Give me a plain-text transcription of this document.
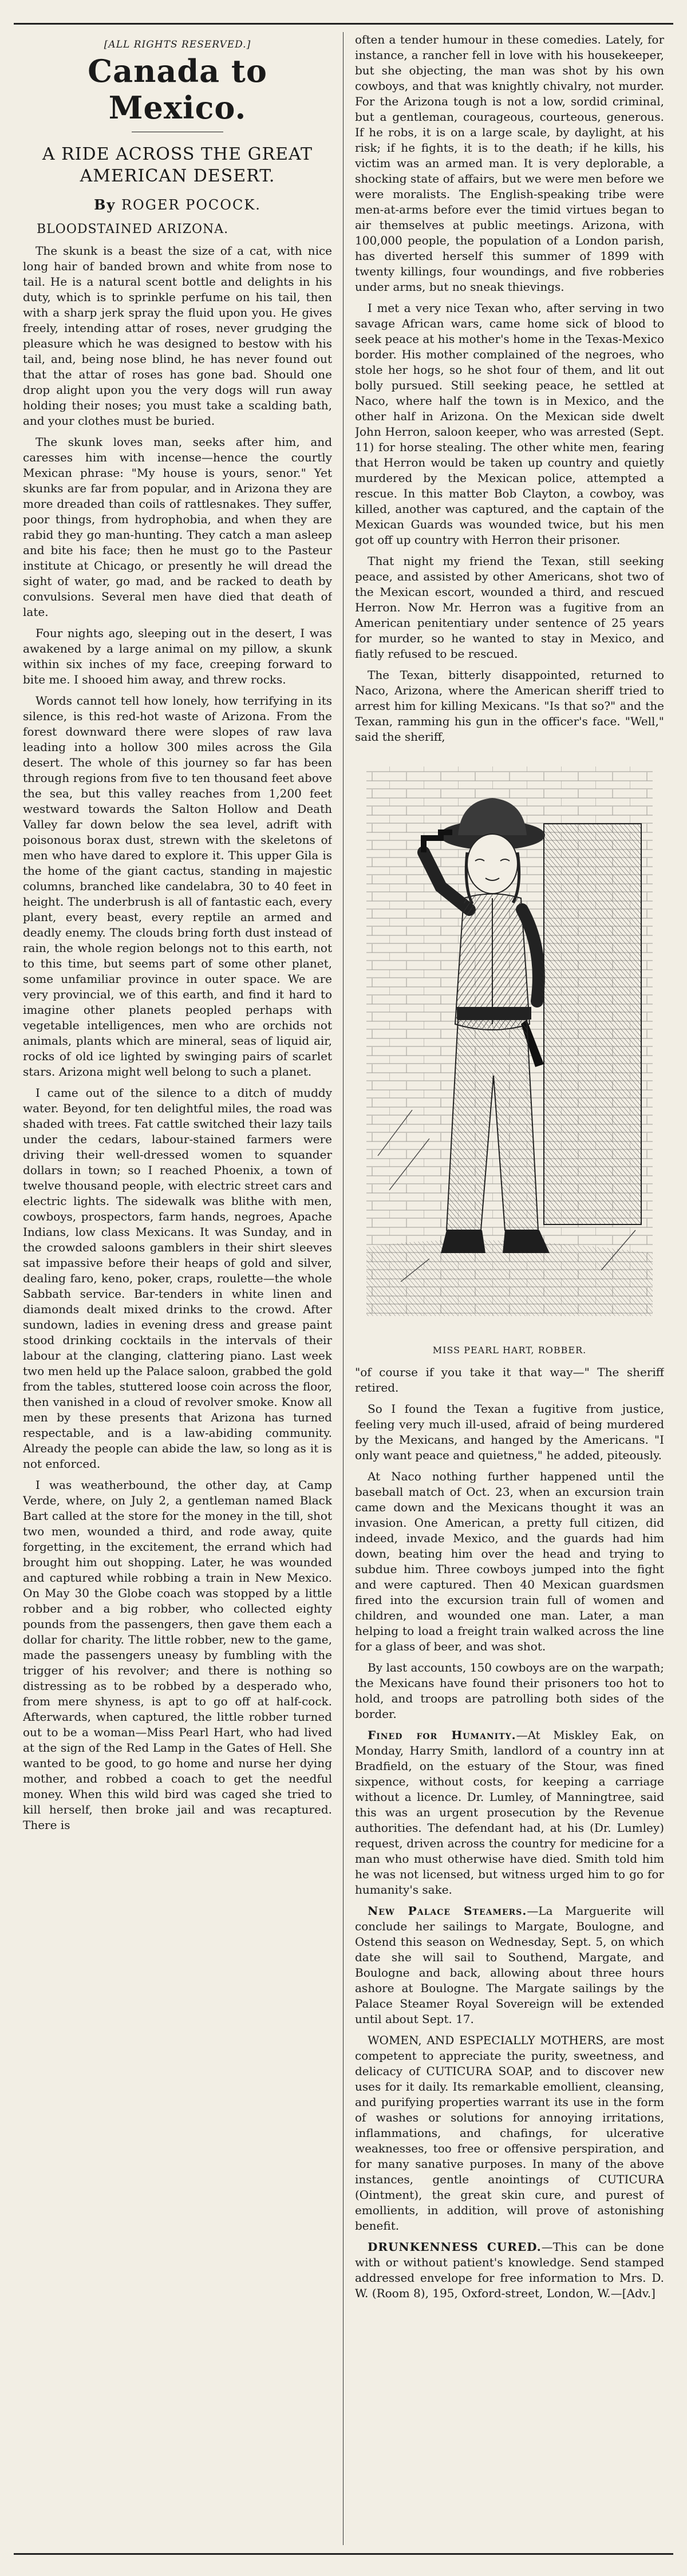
[ALL RIGHTS RESERVED.]
Canada to Mexico.
A RIDE ACROSS THE GREAT AMERICAN DESERT.
By ROGER POCOCK.
BLOODSTAINED ARIZONA.

The skunk is a beast the size of a cat, with nice long hair of banded brown and white from nose to tail. He is a natural scent bottle and delights in his duty, which is to sprinkle perfume on his tail, then with a sharp jerk spray the fluid upon you. He gives freely, intending attar of roses, never grudging the pleasure which he was designed to bestow with his tail, and, being nose blind, he has never found out that the attar of roses has gone bad. Should one drop alight upon you the very dogs will run away holding their noses; you must take a scalding bath, and your clothes must be buried.

The skunk loves man, seeks after him, and caresses him with incense—hence the courtly Mexican phrase: "My house is yours, senor." Yet skunks are far from popular, and in Arizona they are more dreaded than coils of rattlesnakes. They suffer, poor things, from hydrophobia, and when they are rabid they go man-hunting. They catch a man asleep and bite his face; then he must go to the Pasteur institute at Chicago, or presently he will dread the sight of water, go mad, and be racked to death by convulsions. Several men have died that death of late.

Four nights ago, sleeping out in the desert, I was awakened by a large animal on my pillow, a skunk within six inches of my face, creeping forward to bite me. I shooed him away, and threw rocks.

Words cannot tell how lonely, how terrifying in its silence, is this red-hot waste of Arizona. From the forest downward there were slopes of raw lava leading into a hollow 300 miles across the Gila desert. The whole of this journey so far has been through regions from five to ten thousand feet above the sea, but this valley reaches from 1,200 feet westward towards the Salton Hollow and Death Valley far down below the sea level, adrift with poisonous borax dust, strewn with the skeletons of men who have dared to explore it. This upper Gila is the home of the giant cactus, standing in majestic columns, branched like candelabra, 30 to 40 feet in height. The underbrush is all of fantastic each, every plant, every beast, every reptile an armed and deadly enemy. The clouds bring forth dust instead of rain, the whole region belongs not to this earth, not to this time, but seems part of some other planet, some unfamiliar province in outer space. We are very provincial, we of this earth, and find it hard to imagine other planets peopled perhaps with vegetable intelligences, men who are orchids not animals, plants which are mineral, seas of liquid air, rocks of old ice lighted by swinging pairs of scarlet stars. Arizona might well belong to such a planet.

I came out of the silence to a ditch of muddy water. Beyond, for ten delightful miles, the road was shaded with trees. Fat cattle switched their lazy tails under the cedars, labour-stained farmers were driving their well-dressed women to squander dollars in town; so I reached Phoenix, a town of twelve thousand people, with electric street cars and electric lights. The sidewalk was blithe with men, cowboys, prospectors, farm hands, negroes, Apache Indians, low class Mexicans. It was Sunday, and in the crowded saloons gamblers in their shirt sleeves sat impassive before their heaps of gold and silver, dealing faro, keno, poker, craps, roulette—the whole Sabbath service. Bar-tenders in white linen and diamonds dealt mixed drinks to the crowd. After sundown, ladies in evening dress and grease paint stood drinking cocktails in the intervals of their labour at the clanging, clattering piano. Last week two men held up the Palace saloon, grabbed the gold from the tables, stuttered loose coin across the floor, then vanished in a cloud of revolver smoke. Know all men by these presents that Arizona has turned respectable, and is a law-abiding community. Already the people can abide the law, so long as it is not enforced.

I was weatherbound, the other day, at Camp Verde, where, on July 2, a gentleman named Black Bart called at the store for the money in the till, shot two men, wounded a third, and rode away, quite forgetting, in the excitement, the errand which had brought him out shopping. Later, he was wounded and captured while robbing a train in New Mexico. On May 30 the Globe coach was stopped by a little robber and a big robber, who collected eighty pounds from the passengers, then gave them each a dollar for charity. The little robber, new to the game, made the passengers uneasy by fumbling with the trigger of his revolver; and there is nothing so distressing as to be robbed by a desperado who, from mere shyness, is apt to go off at half-cock. Afterwards, when captured, the little robber turned out to be a woman—Miss Pearl Hart, who had lived at the sign of the Red Lamp in the Gates of Hell. She wanted to be good, to go home and nurse her dying mother, and robbed a coach to get the needful money. When this wild bird was caged she tried to kill herself, then broke jail and was recaptured. There is

often a tender humour in these comedies. Lately, for instance, a rancher fell in love with his housekeeper, but she objecting, the man was shot by his own cowboys, and that was knightly chivalry, not murder. For the Arizona tough is not a low, sordid criminal, but a gentleman, courageous, courteous, generous. If he robs, it is on a large scale, by daylight, at his risk; if he fights, it is to the death; if he kills, his victim was an armed man. It is very deplorable, a shocking state of affairs, but we were men before we were moralists. The English-speaking tribe were men-at-arms before ever the timid virtues began to air themselves at public meetings. Arizona, with 100,000 people, the population of a London parish, has diverted herself this summer of 1899 with twenty killings, four woundings, and five robberies under arms, but no sneak thievings.

I met a very nice Texan who, after serving in two savage African wars, came home sick of blood to seek peace at his mother's home in the Texas-Mexico border. His mother complained of the negroes, who stole her hogs, so he shot four of them, and lit out bolly pursued. Still seeking peace, he settled at Naco, where half the town is in Mexico, and the other half in Arizona. On the Mexican side dwelt John Herron, saloon keeper, who was arrested (Sept. 11) for horse stealing. The other white men, fearing that Herron would be taken up country and quietly murdered by the Mexican police, attempted a rescue. In this matter Bob Clayton, a cowboy, was killed, another was captured, and the captain of the Mexican Guards was wounded twice, but his men got off up country with Herron their prisoner.

That night my friend the Texan, still seeking peace, and assisted by other Americans, shot two of the Mexican escort, wounded a third, and rescued Herron. Now Mr. Herron was a fugitive from an American penitentiary under sentence of 25 years for murder, so he wanted to stay in Mexico, and fiatly refused to be rescued.

The Texan, bitterly disappointed, returned to Naco, Arizona, where the American sheriff tried to arrest him for killing Mexicans. "Is that so?" and the Texan, ramming his gun in the officer's face. "Well," said the sheriff,

MISS PEARL HART, ROBBER.

"of course if you take it that way—" The sheriff retired.

So I found the Texan a fugitive from justice, feeling very much ill-used, afraid of being murdered by the Mexicans, and hanged by the Americans. "I only want peace and quietness," he added, piteously.

At Naco nothing further happened until the baseball match of Oct. 23, when an excursion train came down and the Mexicans thought it was an invasion. One American, a pretty full citizen, did indeed, invade Mexico, and the guards had him down, beating him over the head and trying to subdue him. Three cowboys jumped into the fight and were captured. Then 40 Mexican guardsmen fired into the excursion train full of women and children, and wounded one man. Later, a man helping to load a freight train walked across the line for a glass of beer, and was shot.

By last accounts, 150 cowboys are on the warpath; the Mexicans have found their prisoners too hot to hold, and troops are patrolling both sides of the border.

Fined for Humanity.—At Miskley Eak, on Monday, Harry Smith, landlord of a country inn at Bradfield, on the estuary of the Stour, was fined sixpence, without costs, for keeping a carriage without a licence. Dr. Lumley, of Manningtree, said this was an urgent prosecution by the Revenue authorities. The defendant had, at his (Dr. Lumley) request, driven across the country for medicine for a man who must otherwise have died. Smith told him he was not licensed, but witness urged him to go for humanity's sake.

New Palace Steamers.—La Marguerite will conclude her sailings to Margate, Boulogne, and Ostend this season on Wednesday, Sept. 5, on which date she will sail to Southend, Margate, and Boulogne and back, allowing about three hours ashore at Boulogne. The Margate sailings by the Palace Steamer Royal Sovereign will be extended until about Sept. 17.

WOMEN, AND ESPECIALLY MOTHERS, are most competent to appreciate the purity, sweetness, and delicacy of CUTICURA SOAP, and to discover new uses for it daily. Its remarkable emollient, cleansing, and purifying properties warrant its use in the form of washes or solutions for annoying irritations, inflammations, and chafings, for ulcerative weaknesses, too free or offensive perspiration, and for many sanative purposes. In many of the above instances, gentle anointings of CUTICURA (Ointment), the great skin cure, and purest of emollients, in addition, will prove of astonishing benefit.

DRUNKENNESS CURED.—This can be done with or without patient's knowledge. Send stamped addressed envelope for free information to Mrs. D. W. (Room 8), 195, Oxford-street, London, W.—[Adv.]
